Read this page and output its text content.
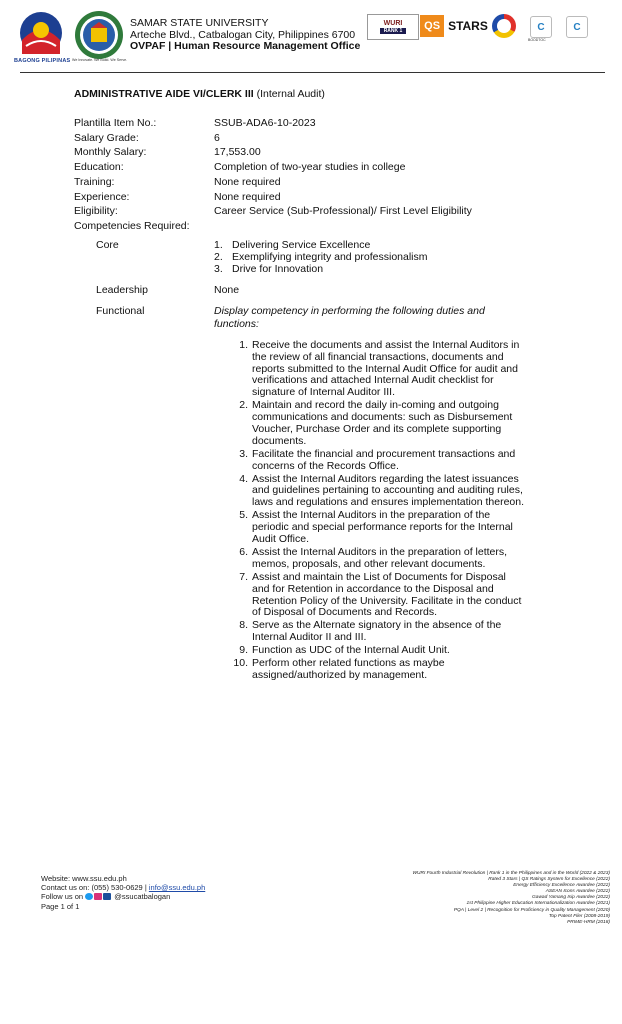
BAGONG PILIPINAS We Innovate. We Build. We Serve.
SAMAR STATE UNIVERSITY
Arteche Blvd., Catbalogan City, Philippines 6700
OVPAF | Human Resource Management Office
WURI
RANK 1	QS STARS	C
BOODTOC
C
ADMINISTRATIVE AIDE VI/CLERK III (Internal Audit)
Plantilla Item No.:	SSUB-ADA6-10-2023
Salary Grade:	6
Monthly Salary:	17,553.00
Education:	Completion of two-year studies in college
Training:	None required
Experience:	None required
Eligibility:	Career Service (Sub-Professional)/ First Level Eligibility
Competencies Required:
Core	1. Delivering Service Excellence
2. Exemplifying integrity and professionalism
3. Drive for Innovation
Leadership	None
Functional	Display competency in performing the following duties and functions:
1. Receive the documents and assist the Internal Auditors in the review of all financial transactions, documents and reports submitted to the Internal Audit Office for audit and verifications and attached Internal Audit checklist for signature of Internal Auditor III.
2. Maintain and record the daily in-coming and outgoing communications and documents: such as Disbursement Voucher, Purchase Order and its complete supporting documents.
3. Facilitate the financial and procurement transactions and concerns of the Records Office.
4. Assist the Internal Auditors regarding the latest issuances and guidelines pertaining to accounting and auditing rules, laws and regulations and ensures implementation thereon.
5. Assist the Internal Auditors in the preparation of the periodic and special performance reports for the Internal Audit Office.
6. Assist the Internal Auditors in the preparation of letters, memos, proposals, and other relevant documents.
7. Assist and maintain the List of Documents for Disposal and for Retention in accordance to the Disposal and Retention Policy of the University. Facilitate in the conduct of Disposal of Documents and Records.
8. Serve as the Alternate signatory in the absence of the Internal Auditor II and III.
9. Function as UDC of the Internal Audit Unit.
10. Perform other related functions as maybe assigned/authorized by management.
Website: www.ssu.edu.ph
Contact us on: (055) 530-0629 | info@ssu.edu.ph
Follow us on	@ssucatbalogan
Page 1 of 1
WURI Fourth Industrial Revolution | Rank 1 in the Philippines and in the World (2022 & 2023)
Rated 3 Stars | QS Ratings System for Excellence (2022)
Energy Efficiency Excellence Awardee (2022)
ASEAN Icons Awardee (2022)
Gawad Yamang Isip Awardee (2022)
1st Philippine Higher Education Internationalization Awardee (2021)
PQA | Level 2 | Recognition for Proficiency in Quality Management (2020)
Top Patent Filer (2008-2019)
PRIME-HRM (2018)
